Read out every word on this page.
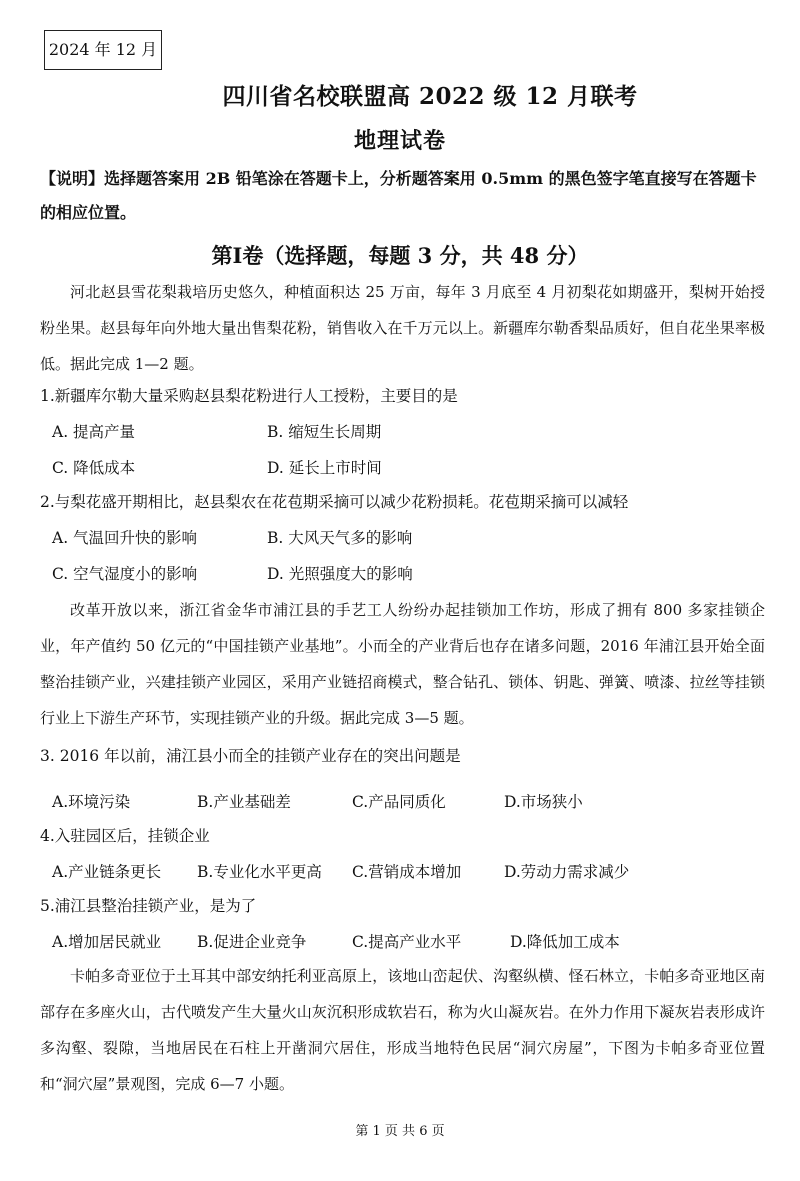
2024 年 12 月
四川省名校联盟高 2022 级 12 月联考
地理试卷
【说明】选择题答案用 2B 铅笔涂在答题卡上，分析题答案用 0.5mm 的黑色签字笔直接写在答题卡的相应位置。
第Ⅰ卷（选择题，每题 3 分，共 48 分）
河北赵县雪花梨栽培历史悠久，种植面积达 25 万亩，每年 3 月底至 4 月初梨花如期盛开，梨树开始授粉坐果。赵县每年向外地大量出售梨花粉，销售收入在千万元以上。新疆库尔勒香梨品质好，但自花坐果率极低。据此完成 1—2 题。
1.新疆库尔勒大量采购赵县梨花粉进行人工授粉，主要目的是
A. 提高产量	B. 缩短生长周期
C. 降低成本	D. 延长上市时间
2.与梨花盛开期相比，赵县梨农在花苞期采摘可以减少花粉损耗。花苞期采摘可以减轻
A. 气温回升快的影响	B. 大风天气多的影响
C. 空气湿度小的影响	D. 光照强度大的影响
改革开放以来，浙江省金华市浦江县的手艺工人纷纷办起挂锁加工作坊，形成了拥有 800 多家挂锁企业，年产值约 50 亿元的“中国挂锁产业基地”。小而全的产业背后也存在诸多问题，2016 年浦江县开始全面整治挂锁产业，兴建挂锁产业园区，采用产业链招商模式，整合钻孔、锁体、钥匙、弹簧、喷漆、拉丝等挂锁行业上下游生产环节，实现挂锁产业的升级。据此完成 3—5 题。
3. 2016 年以前，浦江县小而全的挂锁产业存在的突出问题是
A.环境污染	B.产业基础差	C.产品同质化	D.市场狭小
4.入驻园区后，挂锁企业
A.产业链条更长 B.专业化水平更高 C.营销成本增加	D.劳动力需求减少
5.浦江县整治挂锁产业，是为了
A.增加居民就业 B.促进企业竞争	C.提高产业水平	D.降低加工成本
卡帕多奇亚位于土耳其中部安纳托利亚高原上，该地山峦起伏、沟壑纵横、怪石林立，卡帕多奇亚地区南部存在多座火山，古代喷发产生大量火山灰沉积形成软岩石，称为火山凝灰岩。在外力作用下凝灰岩表形成许多沟壑、裂隙，当地居民在石柱上开凿洞穴居住，形成当地特色民居“洞穴房屋”，下图为卡帕多奇亚位置和“洞穴屋”景观图，完成 6—7 小题。
第 1 页 共 6 页
